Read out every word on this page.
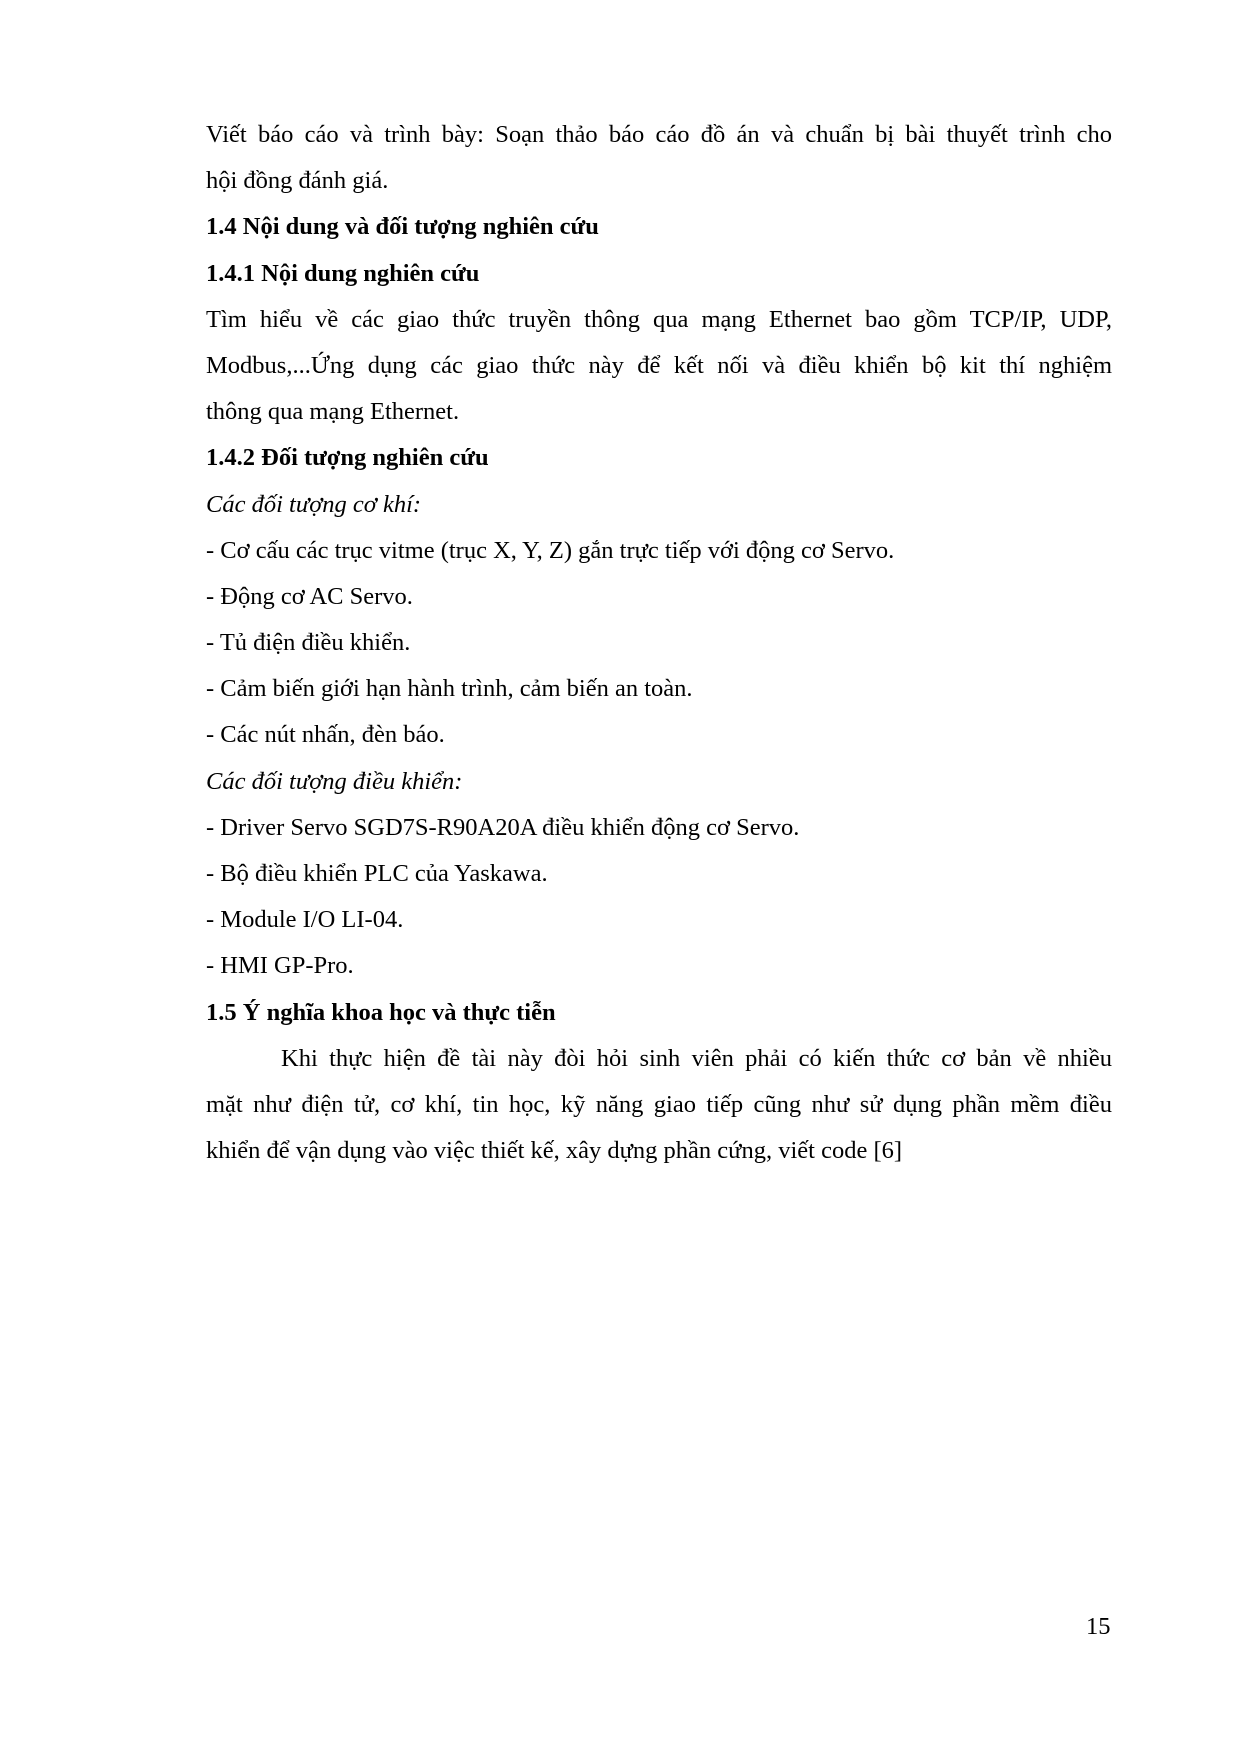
Viết báo cáo và trình bày: Soạn thảo báo cáo đồ án và chuẩn bị bài thuyết trình cho

hội đồng đánh giá.

1.4 Nội dung và đối tượng nghiên cứu

1.4.1 Nội dung nghiên cứu

Tìm hiểu về các giao thức truyền thông qua mạng Ethernet bao gồm TCP/IP, UDP,

Modbus,...Ứng dụng các giao thức này để kết nối và điều khiển bộ kit thí nghiệm

thông qua mạng Ethernet.

1.4.2 Đối tượng nghiên cứu

Các đối tượng cơ khí:

- Cơ cấu các trục vitme (trục X, Y, Z) gắn trực tiếp với động cơ Servo.

- Động cơ AC Servo.

- Tủ điện điều khiển.

- Cảm biến giới hạn hành trình, cảm biến an toàn.

- Các nút nhấn, đèn báo.

Các đối tượng điều khiển:

- Driver Servo SGD7S-R90A20A điều khiển động cơ Servo.

- Bộ điều khiển PLC của Yaskawa.

- Module I/O LI-04.

- HMI GP-Pro.

1.5 Ý nghĩa khoa học và thực tiễn

Khi thực hiện đề tài này đòi hỏi sinh viên phải có kiến thức cơ bản về nhiều

mặt như điện tử, cơ khí, tin học, kỹ năng giao tiếp cũng như sử dụng phần mềm điều

khiển để vận dụng vào việc thiết kế, xây dựng phần cứng, viết code [6]

15
